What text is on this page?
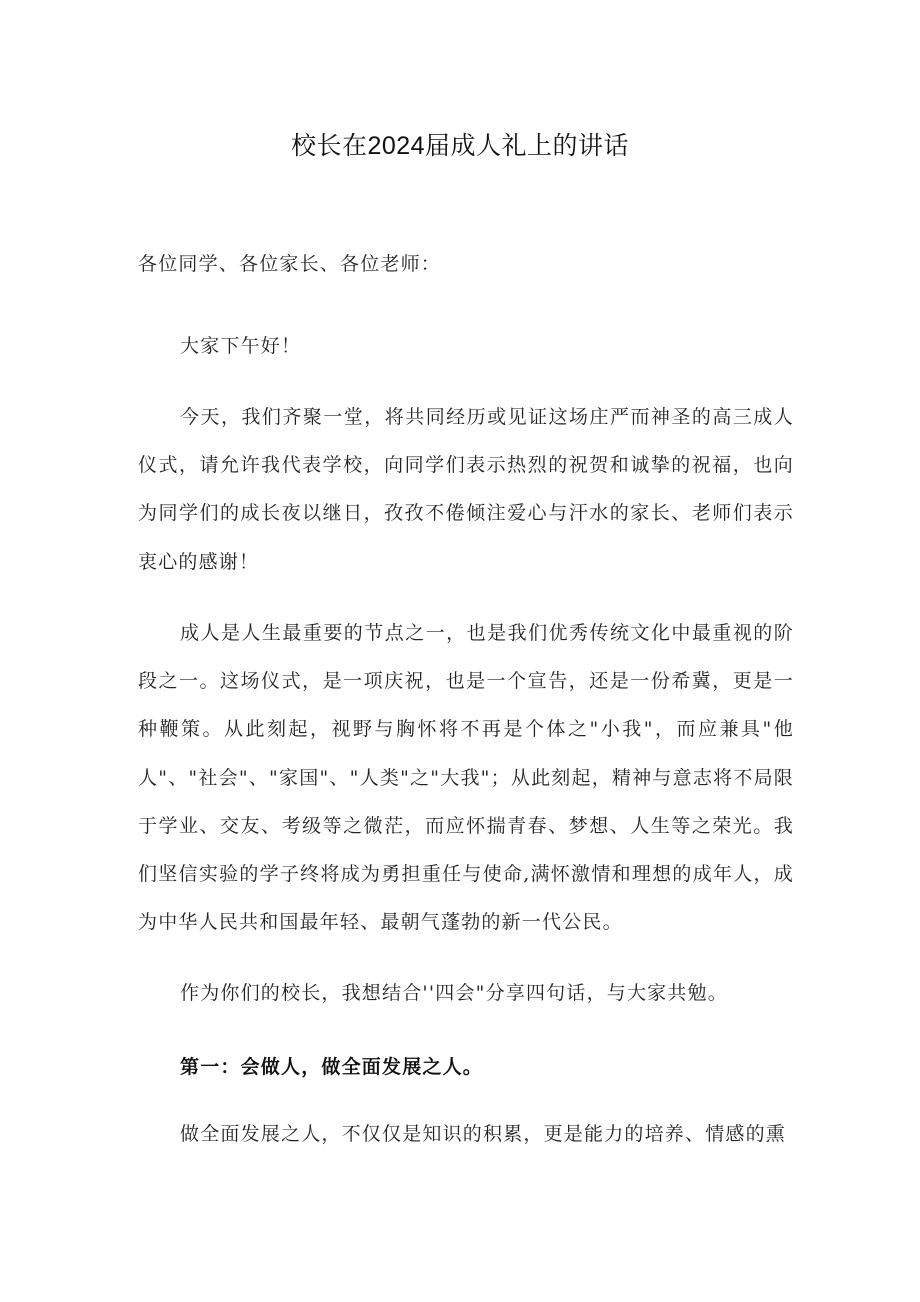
校长在2024届成人礼上的讲话

各位同学、各位家长、各位老师：

大家下午好！

今天，我们齐聚一堂，将共同经历或见证这场庄严而神圣的高三成人仪式，请允许我代表学校，向同学们表示热烈的祝贺和诚挚的祝福，也向为同学们的成长夜以继日，孜孜不倦倾注爱心与汗水的家长、老师们表示衷心的感谢！

成人是人生最重要的节点之一，也是我们优秀传统文化中最重视的阶段之一。这场仪式，是一项庆祝，也是一个宣告，还是一份希冀，更是一种鞭策。从此刻起，视野与胸怀将不再是个体之"小我"，而应兼具"他人"、"社会"、"家国"、"人类"之"大我"；从此刻起，精神与意志将不局限于学业、交友、考级等之微茫，而应怀揣青春、梦想、人生等之荣光。我们坚信实验的学子终将成为勇担重任与使命,满怀激情和理想的成年人，成为中华人民共和国最年轻、最朝气蓬勃的新一代公民。

作为你们的校长，我想结合''四会"分享四句话，与大家共勉。

第一：会做人，做全面发展之人。

做全面发展之人，不仅仅是知识的积累，更是能力的培养、情感的熏
